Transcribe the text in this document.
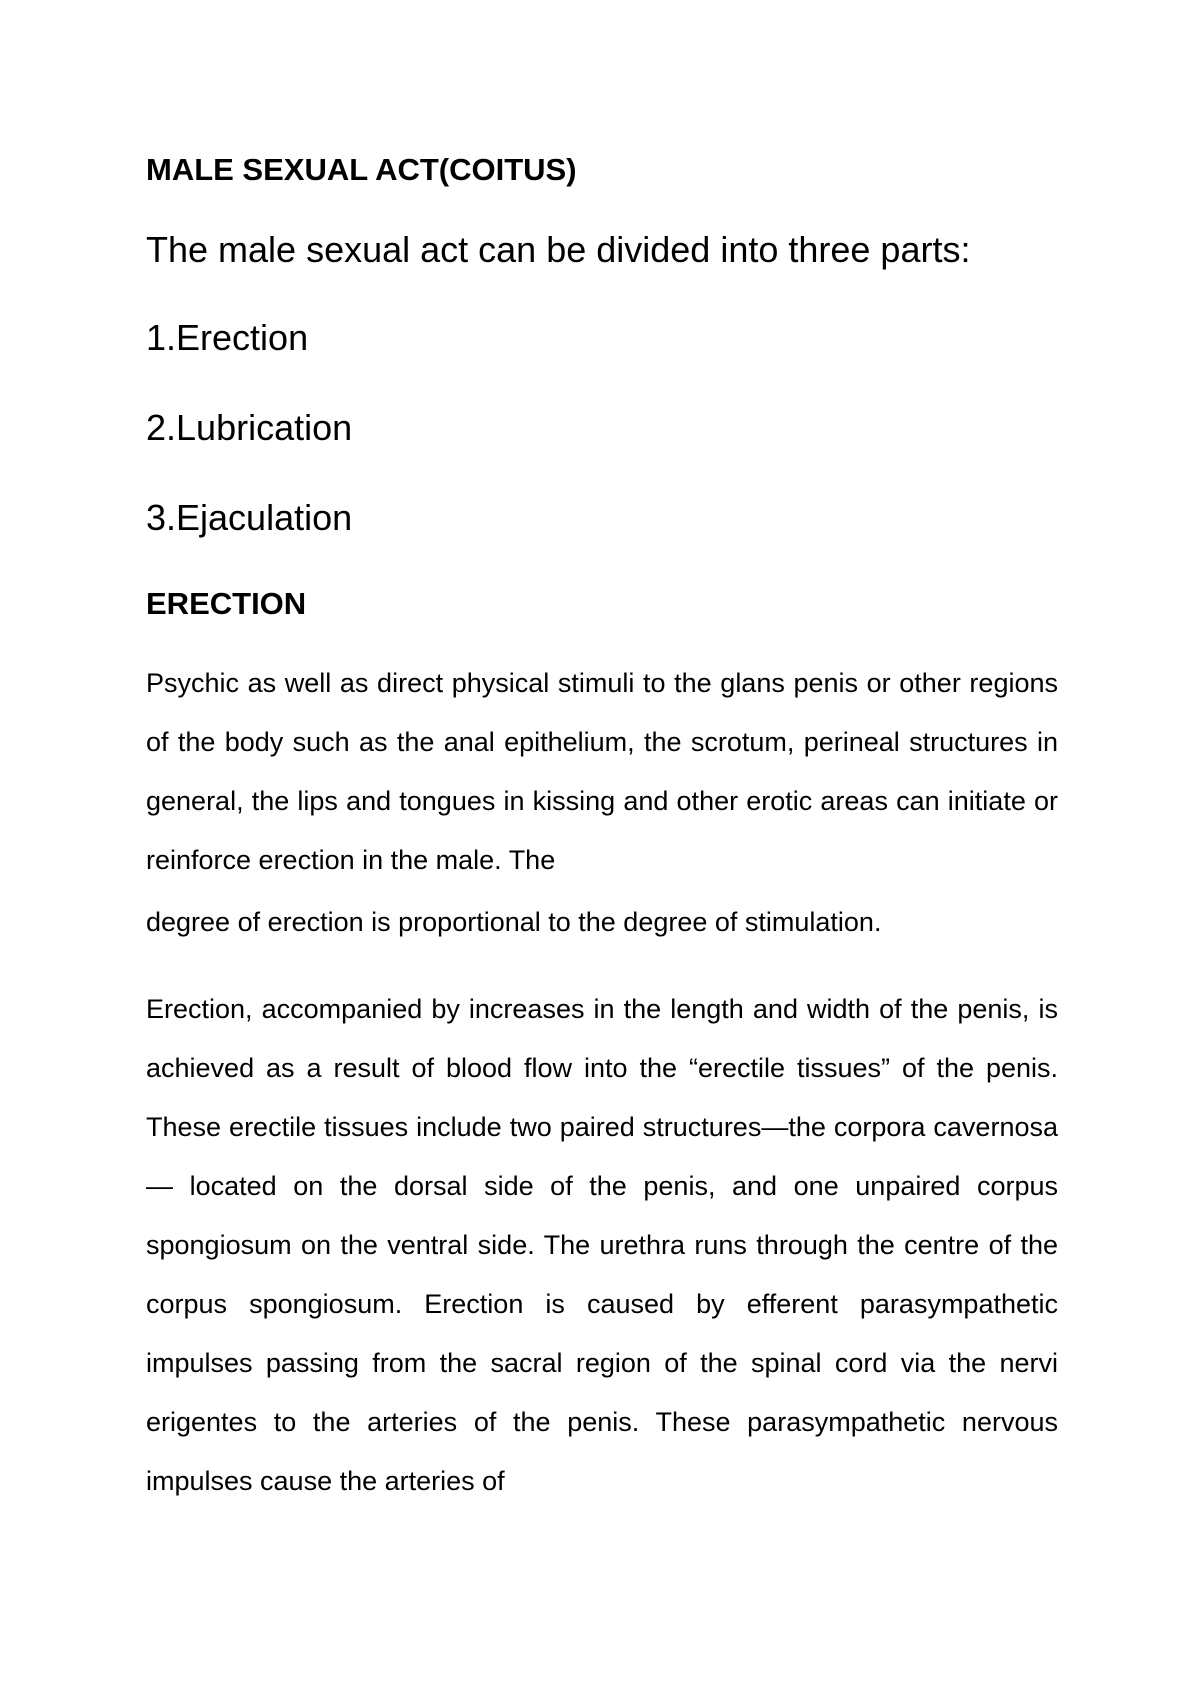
MALE SEXUAL ACT(COITUS)
The male sexual act can be divided into three parts:
1.Erection
2.Lubrication
3.Ejaculation
ERECTION

Psychic as well as direct physical stimuli to the glans penis or other regions of the body such as the anal epithelium, the scrotum, perineal structures in general, the lips and tongues in kissing and other erotic areas can initiate or reinforce erection in the male. The

degree of erection is proportional to the degree of stimulation.

Erection, accompanied by increases in the length and width of the penis, is achieved as a result of blood flow into the “erectile tissues” of the penis. These erectile tissues include two paired structures—the corpora cavernosa— located on the dorsal side of the penis, and one unpaired corpus spongiosum on the ventral side. The urethra runs through the centre of the corpus spongiosum. Erection is caused by efferent parasympathetic impulses passing from the sacral region of the spinal cord via the nervi erigentes to the arteries of the penis. These parasympathetic nervous impulses cause the arteries of
